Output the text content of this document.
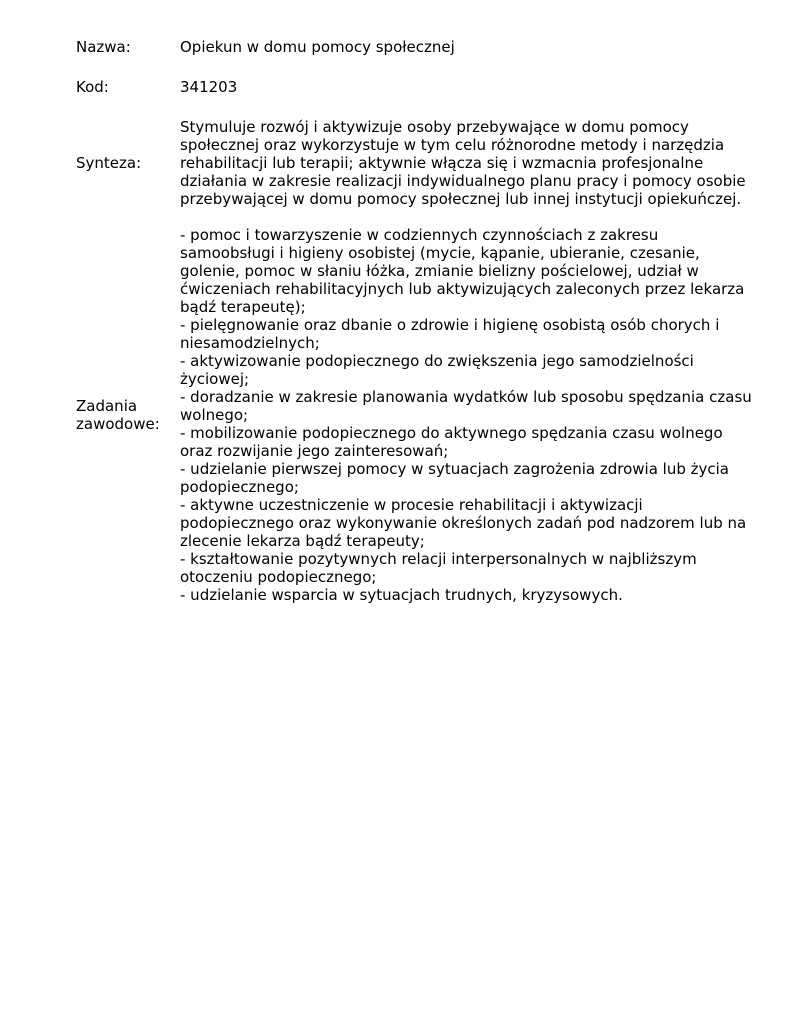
Nazwa:	Opiekun w domu pomocy społecznej
Kod:	341203
Synteza:
Stymuluje rozwój i aktywizuje osoby przebywające w domu pomocy społecznej oraz wykorzystuje w tym celu różnorodne metody i narzędzia rehabilitacji lub terapii; aktywnie włącza się i wzmacnia profesjonalne działania w zakresie realizacji indywidualnego planu pracy i pomocy osobie przebywającej w domu pomocy społecznej lub innej instytucji opiekuńczej.
Zadania
zawodowe:
- pomoc i towarzyszenie w codziennych czynnościach z zakresu samoobsługi i higieny osobistej (mycie, kąpanie, ubieranie, czesanie, golenie, pomoc w słaniu łóżka, zmianie bielizny pościelowej, udział w ćwiczeniach rehabilitacyjnych lub aktywizujących zaleconych przez lekarza bądź terapeutę);
- pielęgnowanie oraz dbanie o zdrowie i higienę osobistą osób chorych i niesamodzielnych;
- aktywizowanie podopiecznego do zwiększenia jego samodzielności życiowej;
- doradzanie w zakresie planowania wydatków lub sposobu spędzania czasu wolnego;
- mobilizowanie podopiecznego do aktywnego spędzania czasu wolnego oraz rozwijanie jego zainteresowań;
- udzielanie pierwszej pomocy w sytuacjach zagrożenia zdrowia lub życia podopiecznego;
- aktywne uczestniczenie w procesie rehabilitacji i aktywizacji podopiecznego oraz wykonywanie określonych zadań pod nadzorem lub na zlecenie lekarza bądź terapeuty;
- kształtowanie pozytywnych relacji interpersonalnych w najbliższym otoczeniu podopiecznego;
- udzielanie wsparcia w sytuacjach trudnych, kryzysowych.
